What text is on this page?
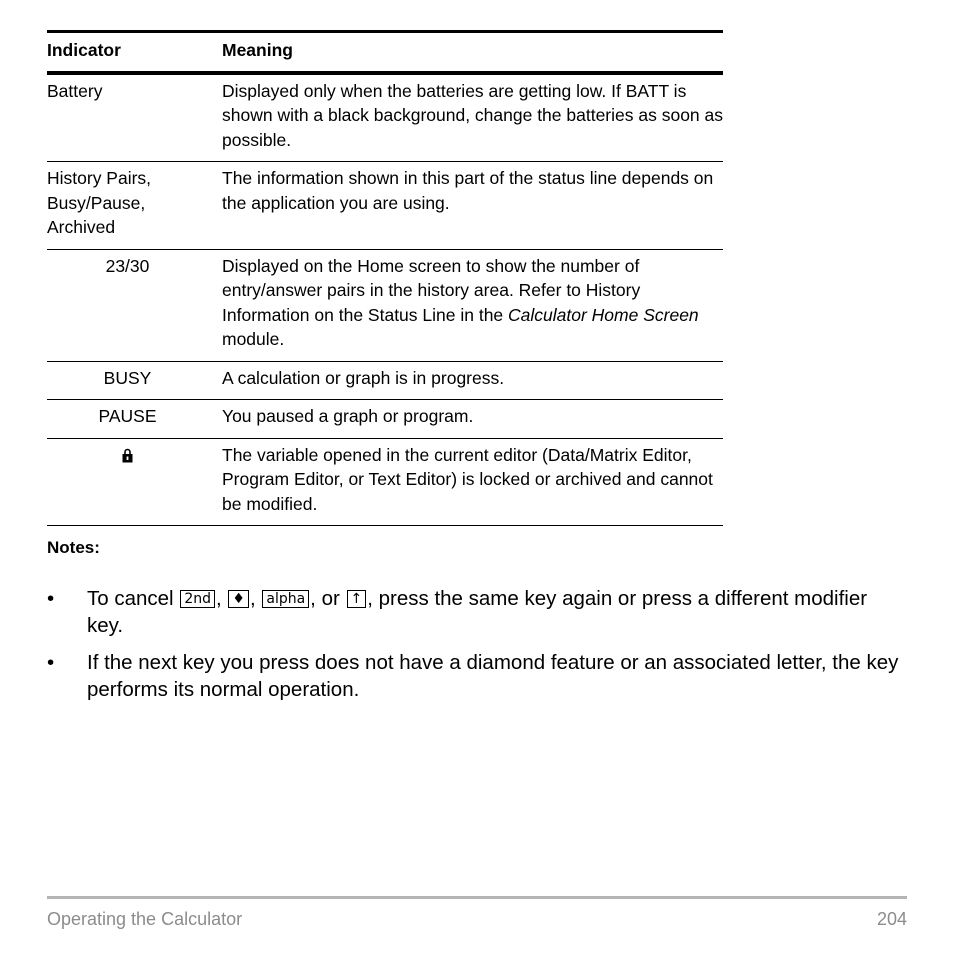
Indicator	Meaning
Battery	Displayed only when the batteries are getting low. If BATT is shown with a black background, change the batteries as soon as possible.
History Pairs, Busy/Pause, Archived	The information shown in this part of the status line depends on the application you are using.
23/30	Displayed on the Home screen to show the number of entry/answer pairs in the history area. Refer to History Information on the Status Line in the Calculator Home Screen module.
BUSY	A calculation or graph is in progress.
PAUSE	You paused a graph or program.
	The variable opened in the current editor (Data/Matrix Editor, Program Editor, or Text Editor) is locked or archived and cannot be modified.
Notes:
• To cancel 2nd , ♦ , alpha , or ↑ , press the same key again or press a different modifier key.
• If the next key you press does not have a diamond feature or an associated letter, the key performs its normal operation.
Operating the Calculator	204
